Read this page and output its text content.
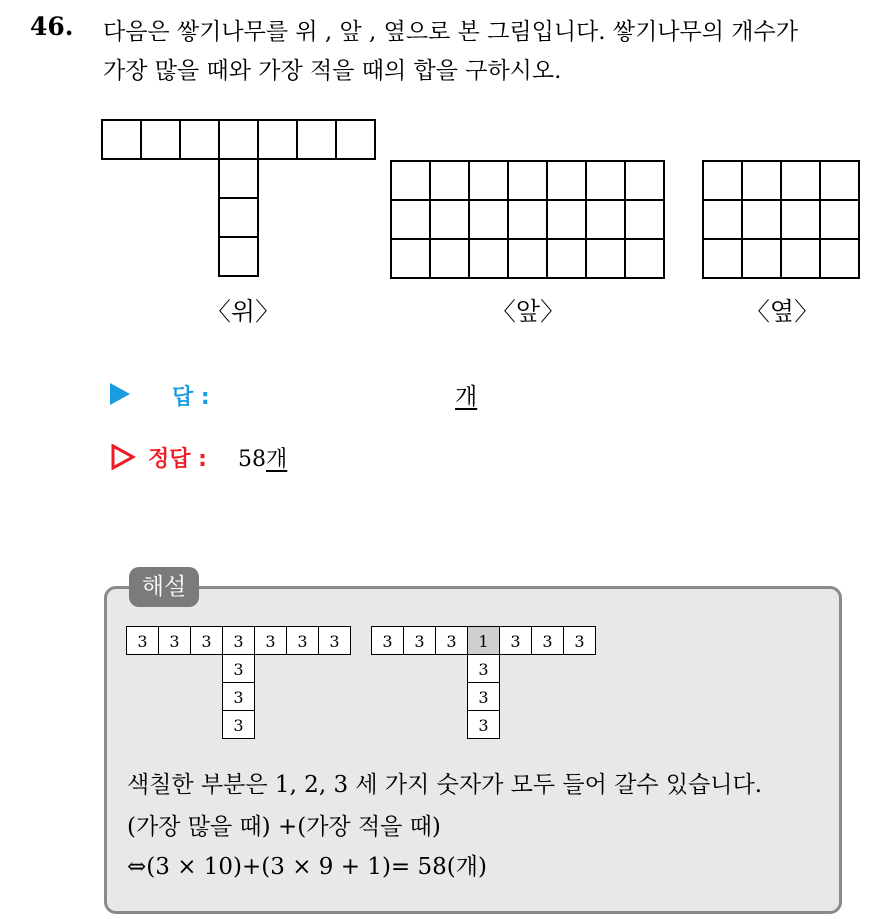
46. 다음은 쌓기나무를 위 , 앞 , 옆으로 본 그림입니다. 쌓기나무의 개수가
가장 많을 때와 가장 적을 때의 합을 구하시오.
〈위〉	〈앞〉	〈옆〉
답 :	개
정답 : 58개
해설
3	3	3	3	3	3	3
3
3
3
3	3	3	1	3	3	3
3
3
3
색칠한 부분은 1, 2, 3 세 가지 숫자가 모두 들어 갈수 있습니다.
(가장 많을 때) +(가장 적을 때)
⇔(3 × 10)+(3 × 9 + 1)= 58(개)
